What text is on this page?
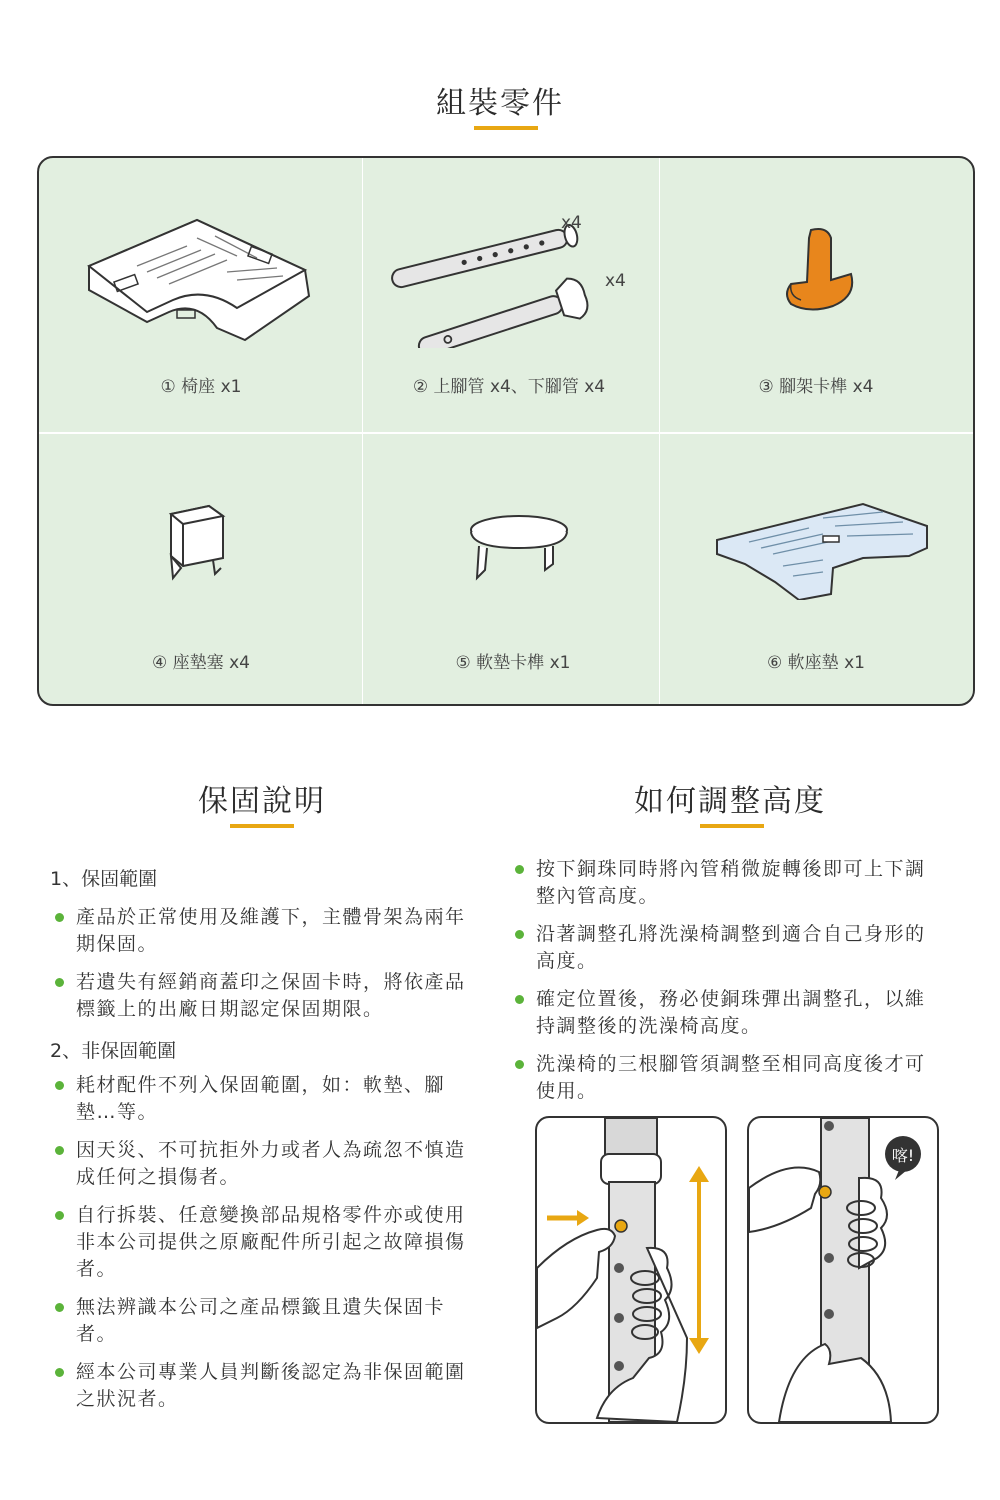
組裝零件
① 椅座 x1
x4
x4
② 上腳管 x4、下腳管 x4	③ 腳架卡榫 x4
④ 座墊塞 x4	⑤ 軟墊卡榫 x1	⑥ 軟座墊 x1
保固說明
1、保固範圍
產品於正常使用及維護下，主體骨架為兩年期保固。
若遺失有經銷商蓋印之保固卡時，將依產品標籤上的出廠日期認定保固期限。
2、非保固範圍
耗材配件不列入保固範圍，如：軟墊、腳墊…等。
因天災、不可抗拒外力或者人為疏忽不慎造成任何之損傷者。
自行拆裝、任意變換部品規格零件亦或使用非本公司提供之原廠配件所引起之故障損傷者。
無法辨識本公司之產品標籤且遺失保固卡者。
經本公司專業人員判斷後認定為非保固範圍之狀況者。
如何調整高度
按下銅珠同時將內管稍微旋轉後即可上下調整內管高度。
沿著調整孔將洗澡椅調整到適合自己身形的高度。
確定位置後，務必使銅珠彈出調整孔，以維持調整後的洗澡椅高度。
洗澡椅的三根腳管須調整至相同高度後才可使用。
喀!
